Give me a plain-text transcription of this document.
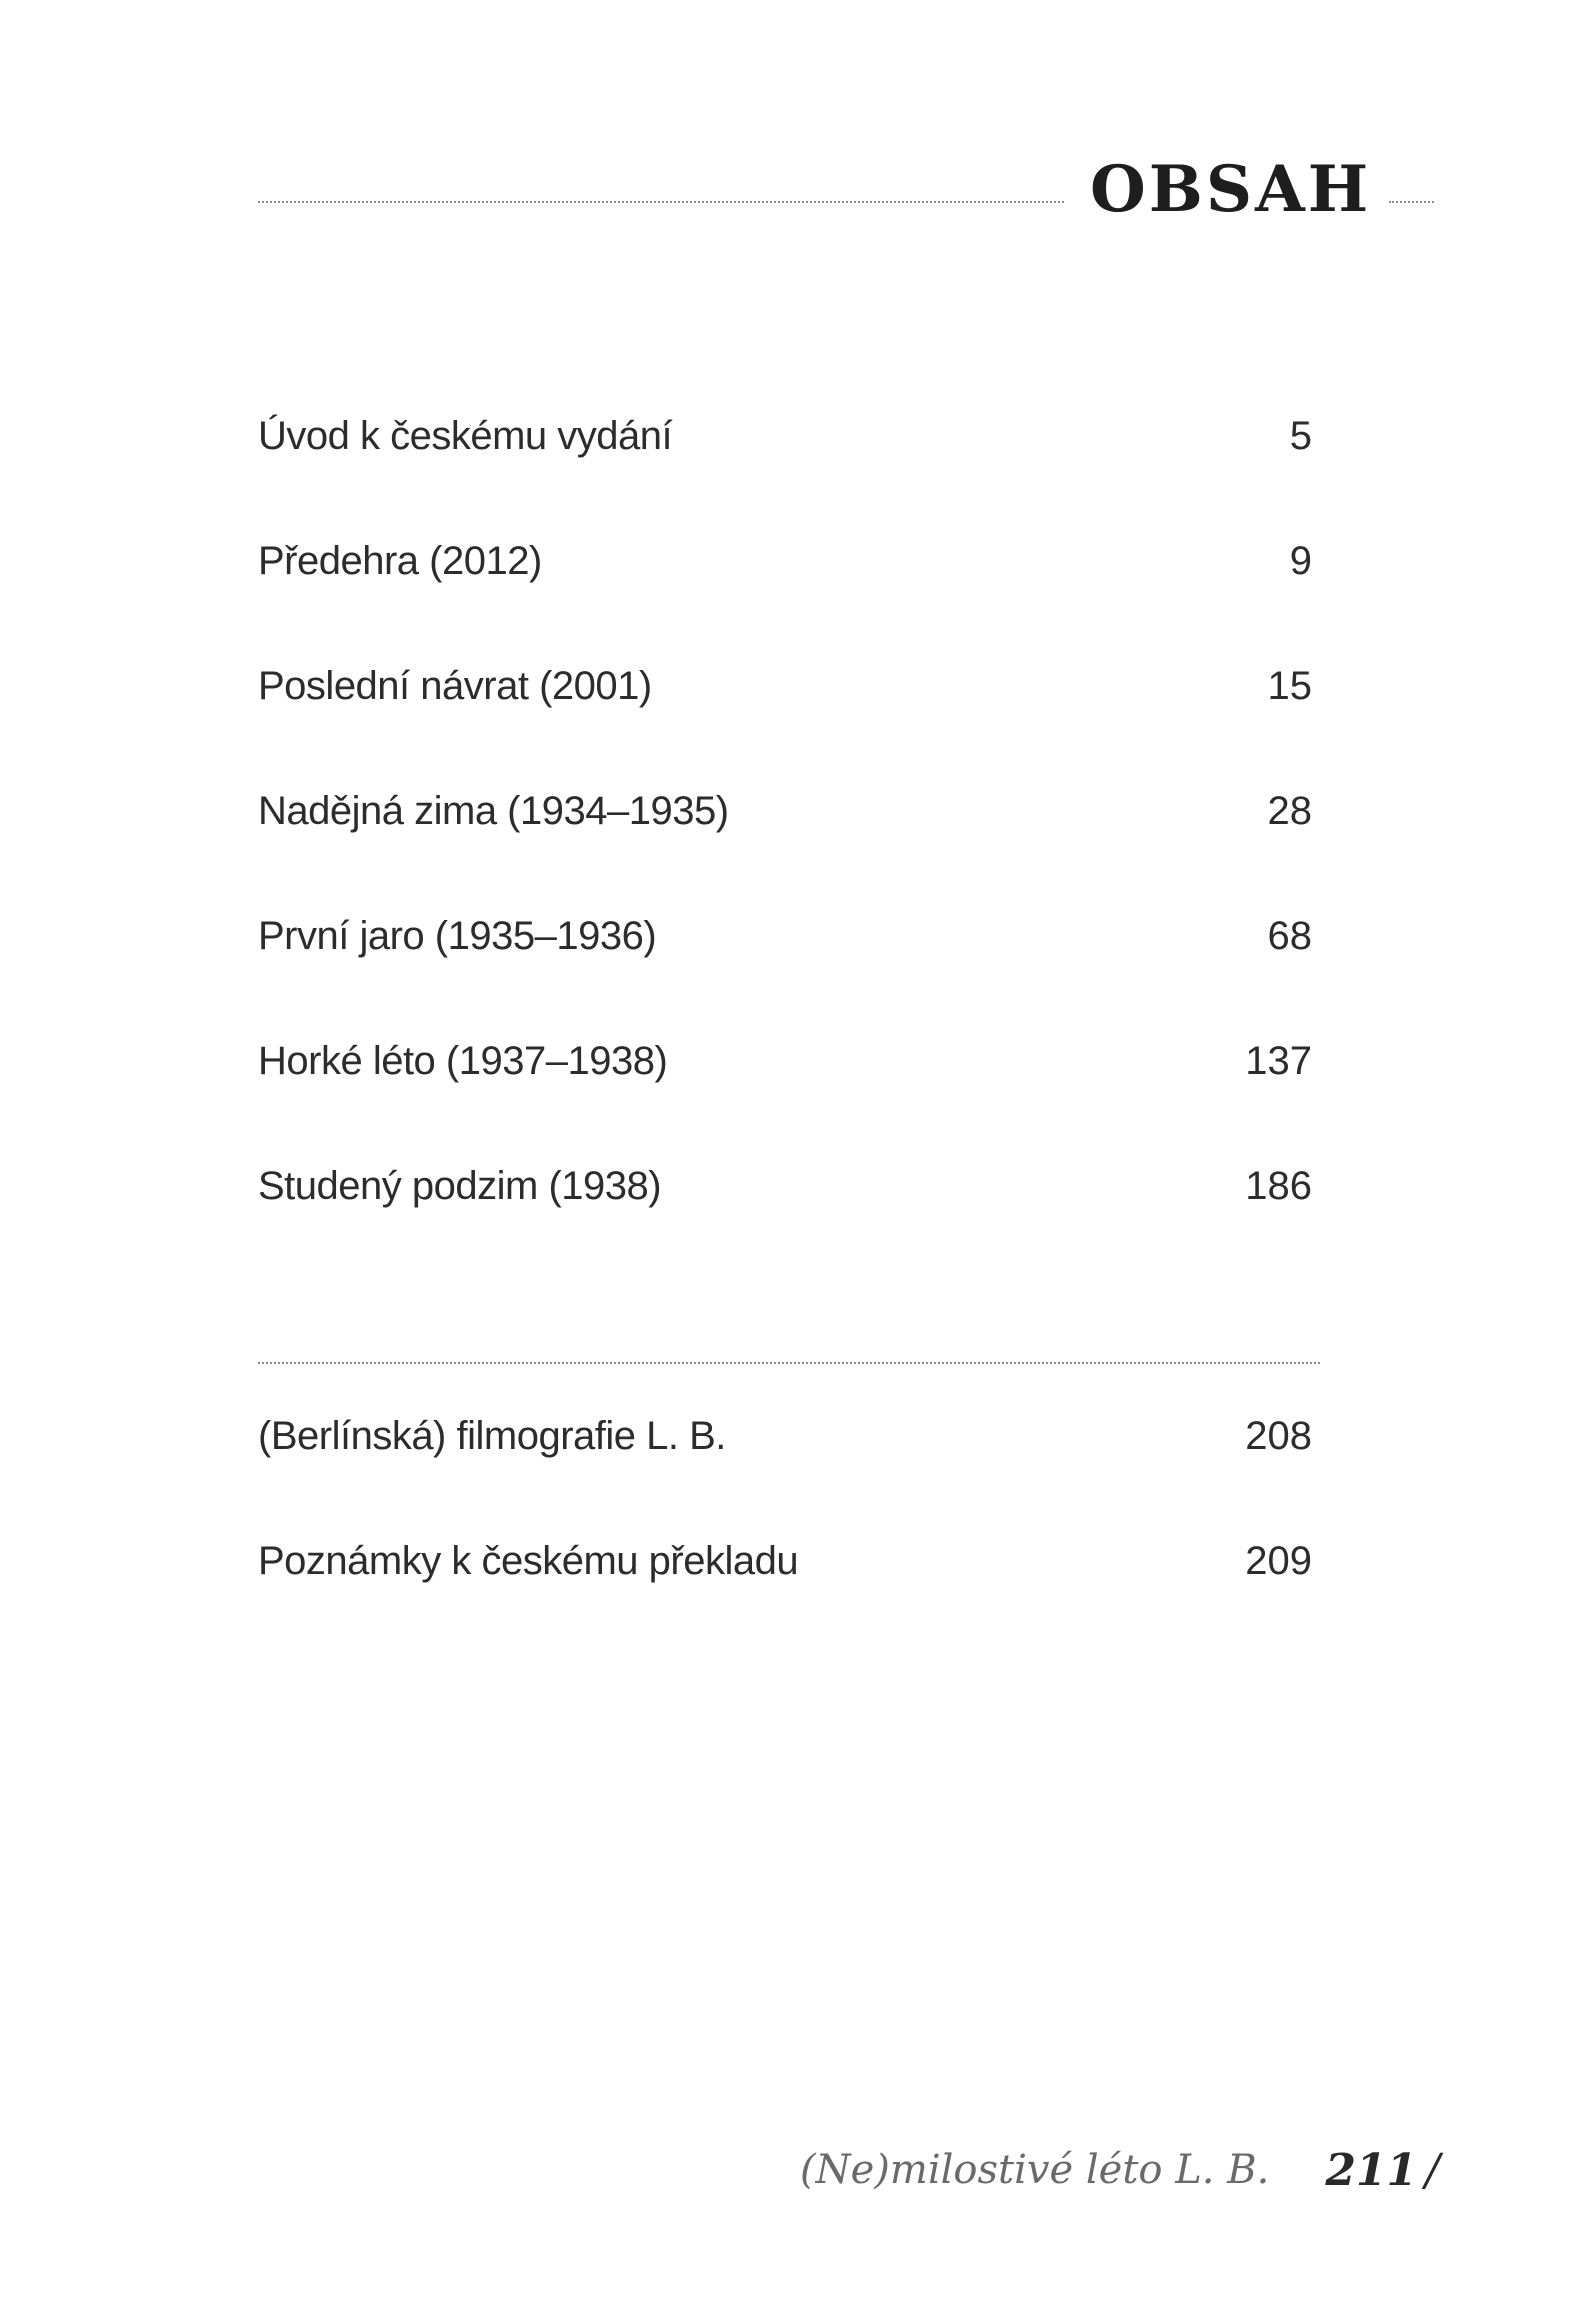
OBSAH
Úvod k českému vydání	5
Předehra (2012)	9
Poslední návrat (2001)	15
Nadějná zima (1934–1935)	28
První jaro (1935–1936)	68
Horké léto (1937–1938)	137
Studený podzim (1938)	186
(Berlínská) filmografie L. B.	208
Poznámky k českému překladu	209
(Ne)milostivé léto L. B. 211 /
